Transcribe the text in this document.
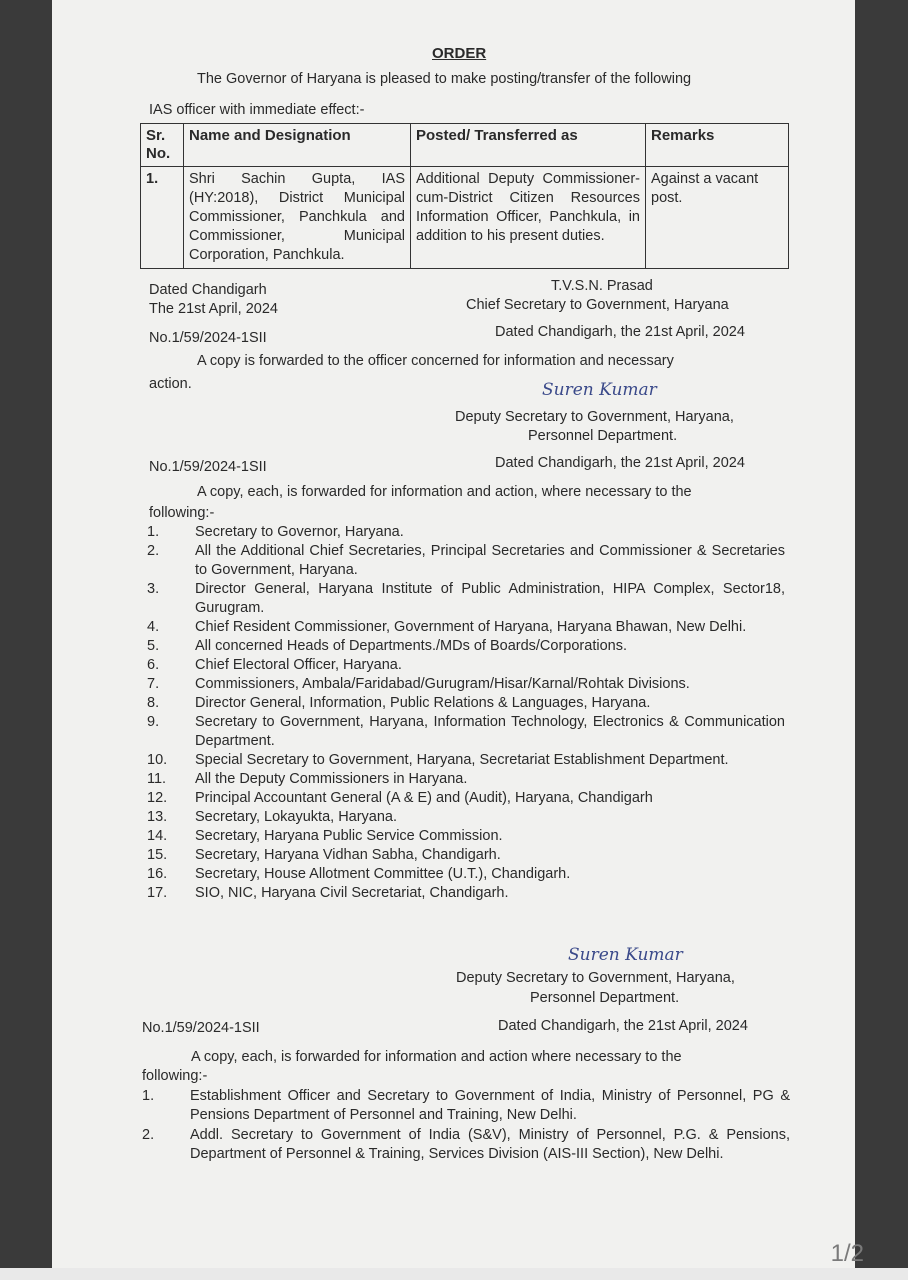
ORDER
The Governor of Haryana is pleased to make posting/transfer of the following
IAS officer with immediate effect:-
Sr. No.	Name and Designation	Posted/ Transferred as	Remarks
1.	Shri Sachin Gupta, IAS (HY:2018), District Municipal Commissioner, Panchkula and Commissioner, Municipal Corporation, Panchkula.	Additional Deputy Commissioner-cum-District Citizen Resources Information Officer, Panchkula, in addition to his present duties.	Against a vacant post.
Dated Chandigarh
The 21st April, 2024
T.V.S.N. Prasad
Chief Secretary to Government, Haryana
No.1/59/2024-1SII	Dated Chandigarh, the 21st April, 2024
A copy is forwarded to the officer concerned for information and necessary
action.	Suren Kumar
Deputy Secretary to Government, Haryana,
Personnel Department.
No.1/59/2024-1SII	Dated Chandigarh, the 21st April, 2024
A copy, each, is forwarded for information and action, where necessary to the
following:-
1. Secretary to Governor, Haryana.
2. All the Additional Chief Secretaries, Principal Secretaries and Commissioner & Secretaries to Government, Haryana.
3. Director General, Haryana Institute of Public Administration, HIPA Complex, Sector18, Gurugram.
4. Chief Resident Commissioner, Government of Haryana, Haryana Bhawan, New Delhi.
5. All concerned Heads of Departments./MDs of Boards/Corporations.
6. Chief Electoral Officer, Haryana.
7. Commissioners, Ambala/Faridabad/Gurugram/Hisar/Karnal/Rohtak Divisions.
8. Director General, Information, Public Relations & Languages, Haryana.
9. Secretary to Government, Haryana, Information Technology, Electronics & Communication Department.
10. Special Secretary to Government, Haryana, Secretariat Establishment Department.
11. All the Deputy Commissioners in Haryana.
12. Principal Accountant General (A & E) and (Audit), Haryana, Chandigarh
13. Secretary, Lokayukta, Haryana.
14. Secretary, Haryana Public Service Commission.
15. Secretary, Haryana Vidhan Sabha, Chandigarh.
16. Secretary, House Allotment Committee (U.T.), Chandigarh.
17. SIO, NIC, Haryana Civil Secretariat, Chandigarh.
Suren Kumar
Deputy Secretary to Government, Haryana,
Personnel Department.
No.1/59/2024-1SII	Dated Chandigarh, the 21st April, 2024
A copy, each, is forwarded for information and action where necessary to the
following:-
1. Establishment Officer and Secretary to Government of India, Ministry of Personnel, PG & Pensions Department of Personnel and Training, New Delhi.
2. Addl. Secretary to Government of India (S&V), Ministry of Personnel, P.G. & Pensions, Department of Personnel & Training, Services Division (AIS-III Section), New Delhi.
1/2
